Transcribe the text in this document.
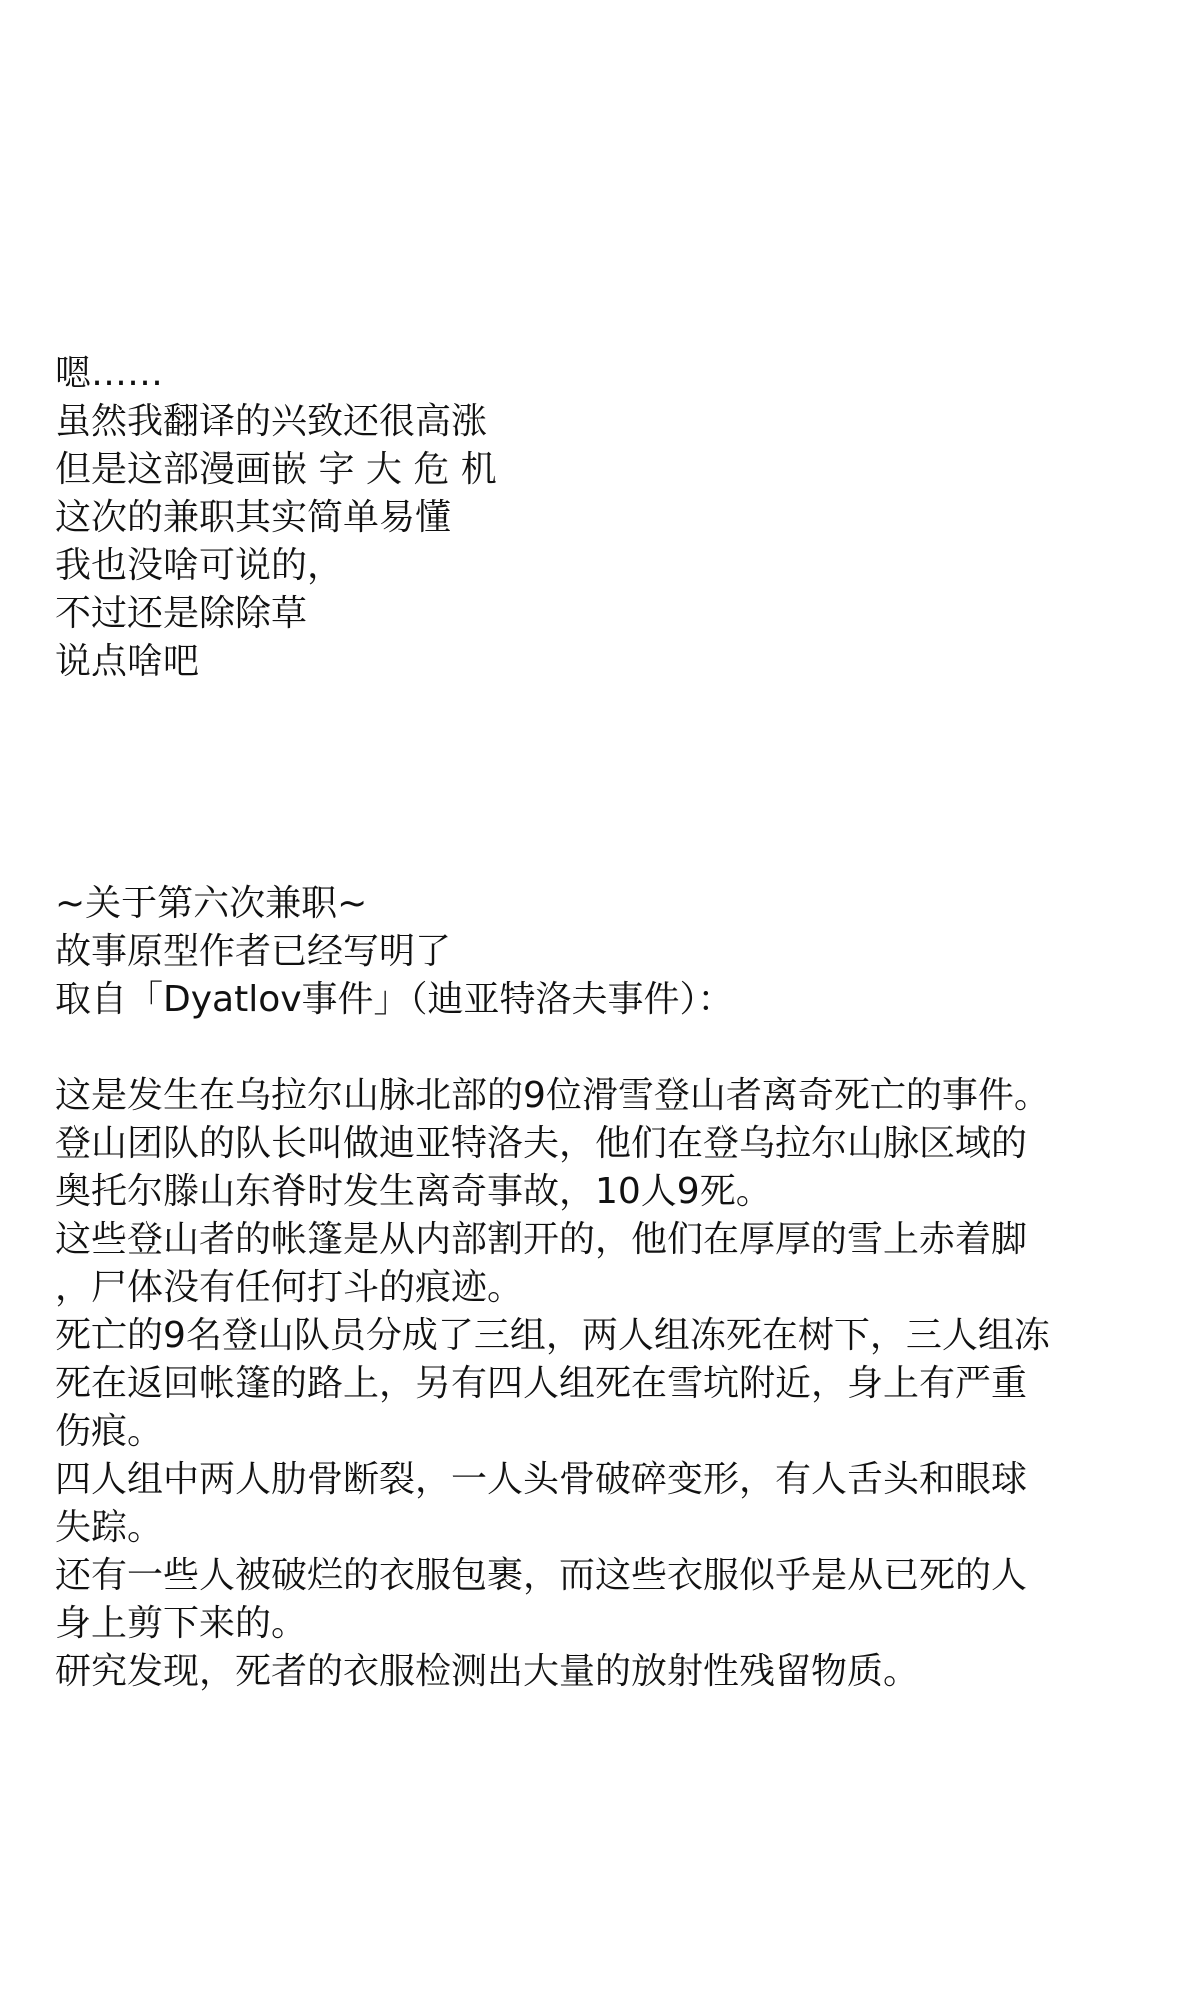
嗯……
虽然我翻译的兴致还很高涨
但是这部漫画嵌 字 大 危 机
这次的兼职其实简单易懂
我也没啥可说的，
不过还是除除草
说点啥吧
~关于第六次兼职~
故事原型作者已经写明了
取自「Dyatlov事件」（迪亚特洛夫事件）：
这是发生在乌拉尔山脉北部的9位滑雪登山者离奇死亡的事件。
登山团队的队长叫做迪亚特洛夫，他们在登乌拉尔山脉区域的
奥托尔滕山东脊时发生离奇事故，10人9死。
这些登山者的帐篷是从内部割开的，他们在厚厚的雪上赤着脚
，尸体没有任何打斗的痕迹。
死亡的9名登山队员分成了三组，两人组冻死在树下，三人组冻
死在返回帐篷的路上，另有四人组死在雪坑附近，身上有严重
伤痕。
四人组中两人肋骨断裂，一人头骨破碎变形，有人舌头和眼球
失踪。
还有一些人被破烂的衣服包裹，而这些衣服似乎是从已死的人
身上剪下来的。
研究发现，死者的衣服检测出大量的放射性残留物质。
